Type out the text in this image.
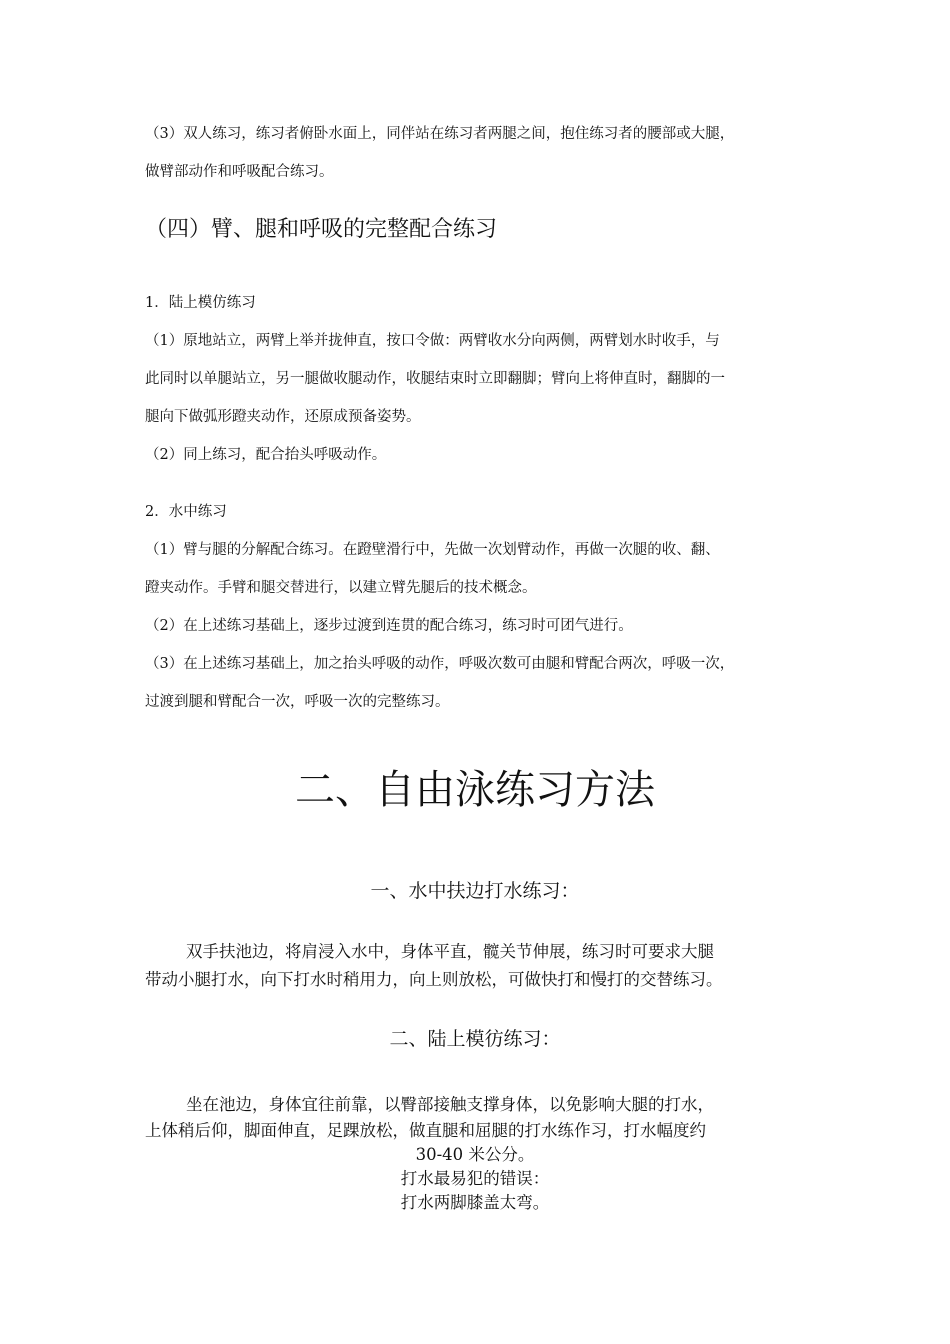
（3）双人练习，练习者俯卧水面上，同伴站在练习者两腿之间，抱住练习者的腰部或大腿，
做臂部动作和呼吸配合练习。
（四）臂、腿和呼吸的完整配合练习
1．陆上模仿练习
（1）原地站立，两臂上举并拢伸直，按口令做：两臂收水分向两侧，两臂划水时收手，与
此同时以单腿站立，另一腿做收腿动作，收腿结束时立即翻脚；臂向上将伸直时，翻脚的一
腿向下做弧形蹬夹动作，还原成预备姿势。
（2）同上练习，配合抬头呼吸动作。
2．水中练习
（1）臂与腿的分解配合练习。在蹬壁滑行中，先做一次划臂动作，再做一次腿的收、翻、
蹬夹动作。手臂和腿交替进行，以建立臂先腿后的技术概念。
（2）在上述练习基础上，逐步过渡到连贯的配合练习，练习时可团气进行。
（3）在上述练习基础上，加之抬头呼吸的动作，呼吸次数可由腿和臂配合两次，呼吸一次，
过渡到腿和臂配合一次，呼吸一次的完整练习。
二、自由泳练习方法
一、水中扶边打水练习：
双手扶池边，将肩浸入水中，身体平直，髋关节伸展，练习时可要求大腿
带动小腿打水，向下打水时稍用力，向上则放松，可做快打和慢打的交替练习。
二、陆上模彷练习：
坐在池边，身体宜往前靠，以臀部接触支撑身体，以免影响大腿的打水，
上体稍后仰，脚面伸直，足踝放松，做直腿和屈腿的打水练作习，打水幅度约
30-40 米公分。
打水最易犯的错误：
打水两脚膝盖太弯。
